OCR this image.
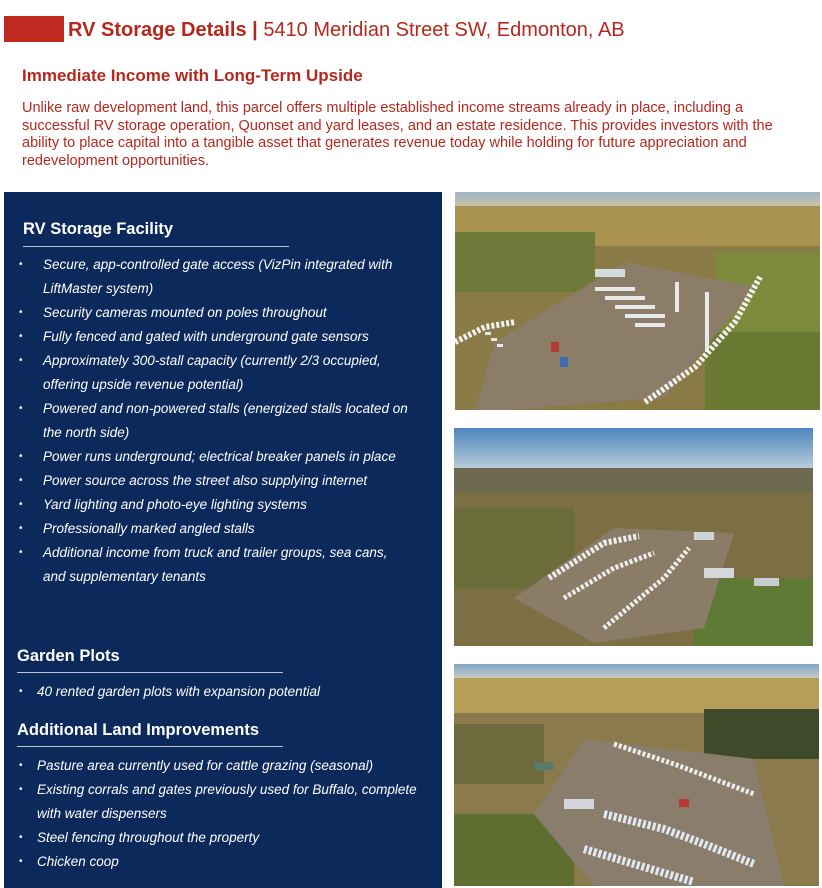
RV Storage Details | 5410 Meridian Street SW, Edmonton, AB
Immediate Income with Long-Term Upside
Unlike raw development land, this parcel offers multiple established income streams already in place, including a successful RV storage operation, Quonset and yard leases, and an estate residence. This provides investors with the ability to place capital into a tangible asset that generates revenue today while holding for future appreciation and redevelopment opportunities.
RV Storage Facility
• Secure, app-controlled gate access (VizPin integrated with LiftMaster system)
• Security cameras mounted on poles throughout
• Fully fenced and gated with underground gate sensors
• Approximately 300-stall capacity (currently 2/3 occupied, offering upside revenue potential)
• Powered and non-powered stalls (energized stalls located on the north side)
• Power runs underground; electrical breaker panels in place
• Power source across the street also supplying internet
• Yard lighting and photo-eye lighting systems
• Professionally marked angled stalls
• Additional income from truck and trailer groups, sea cans, and supplementary tenants
Garden Plots
• 40 rented garden plots with expansion potential
Additional Land Improvements
• Pasture area currently used for cattle grazing (seasonal)
• Existing corrals and gates previously used for Buffalo, complete with water dispensers
• Steel fencing throughout the property
• Chicken coop
